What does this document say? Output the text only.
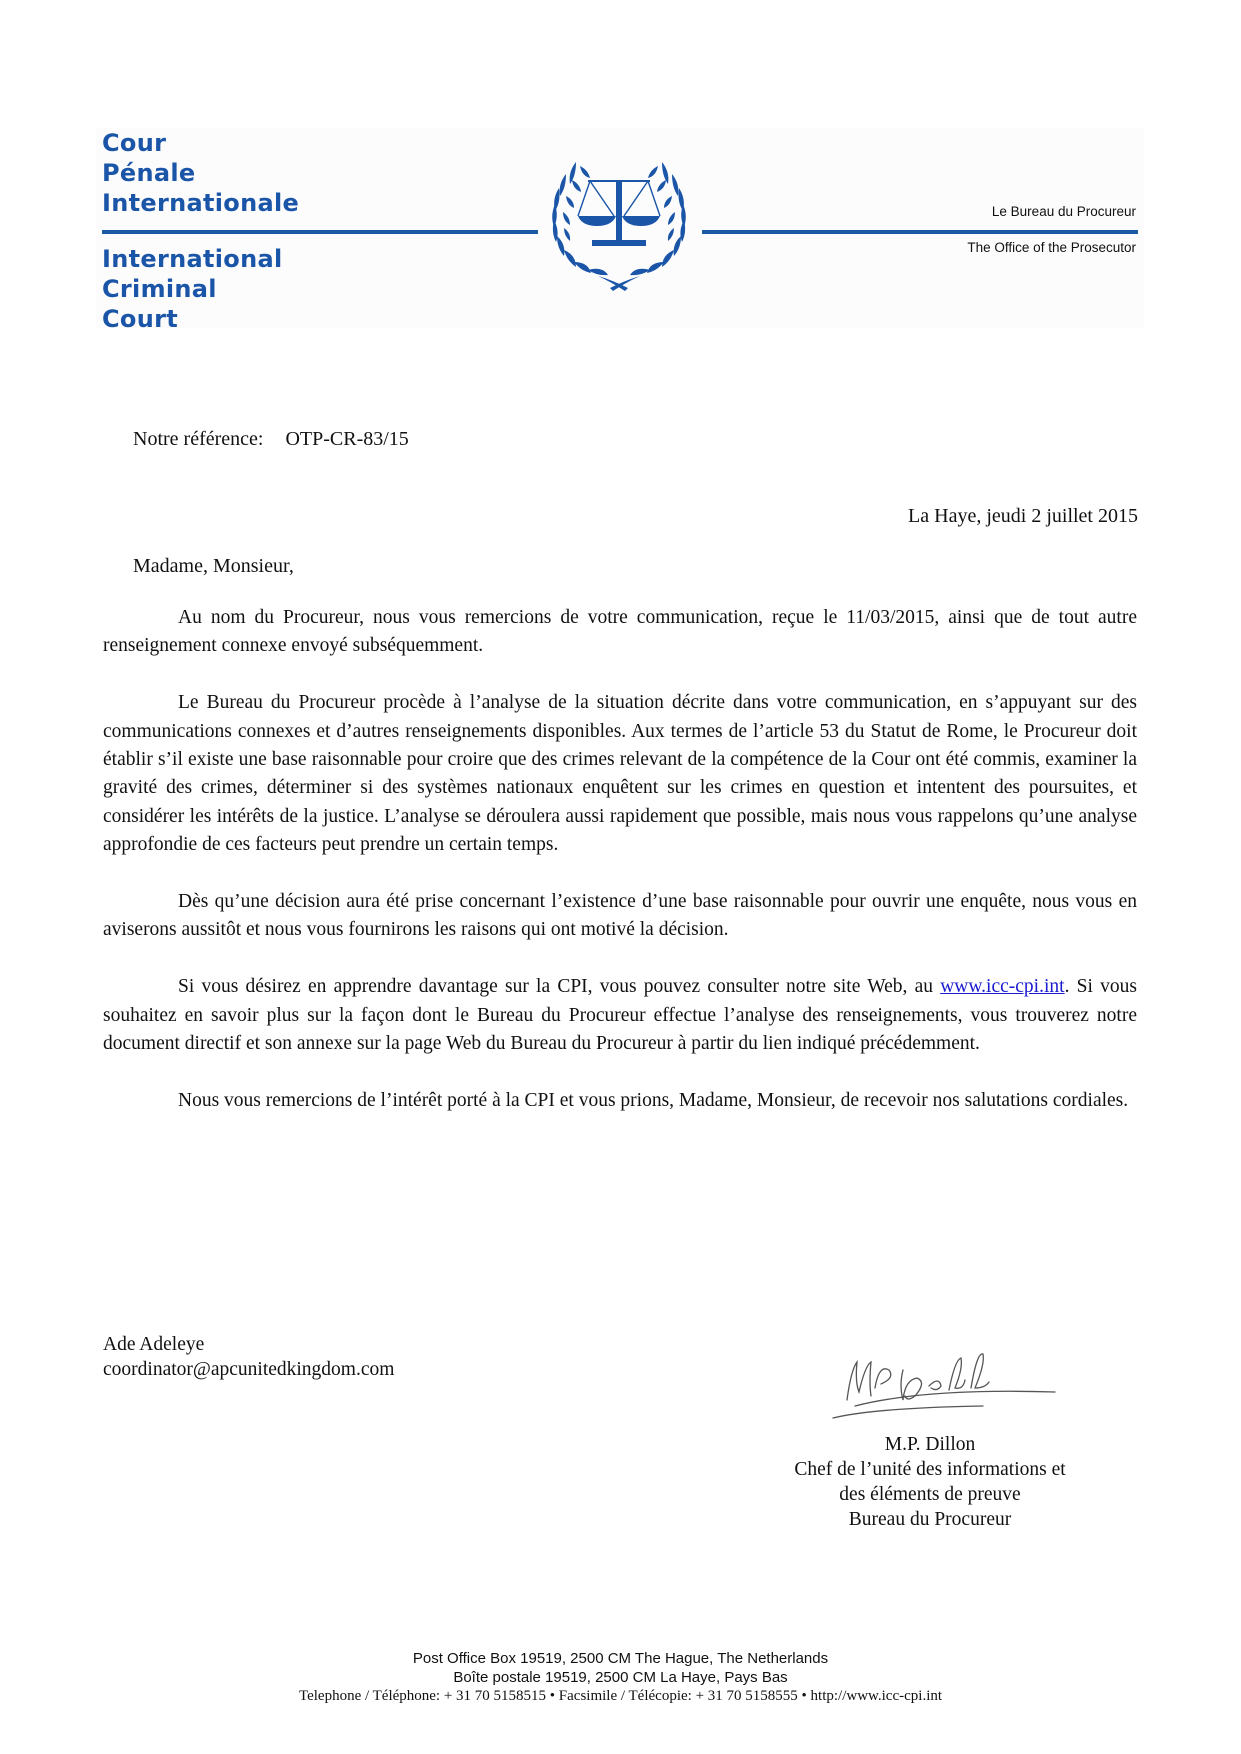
Cour
Pénale
Internationale
International
Criminal
Court
Le Bureau du Procureur
The Office of the Prosecutor
Notre référence: OTP-CR-83/15
La Haye, jeudi 2 juillet 2015
Madame, Monsieur,

Au nom du Procureur, nous vous remercions de votre communication, reçue le 11/03/2015, ainsi que de tout autre renseignement connexe envoyé subséquemment.

Le Bureau du Procureur procède à l’analyse de la situation décrite dans votre communication, en s’appuyant sur des communications connexes et d’autres renseignements disponibles. Aux termes de l’article 53 du Statut de Rome, le Procureur doit établir s’il existe une base raisonnable pour croire que des crimes relevant de la compétence de la Cour ont été commis, examiner la gravité des crimes, déterminer si des systèmes nationaux enquêtent sur les crimes en question et intentent des poursuites, et considérer les intérêts de la justice. L’analyse se déroulera aussi rapidement que possible, mais nous vous rappelons qu’une analyse approfondie de ces facteurs peut prendre un certain temps.

Dès qu’une décision aura été prise concernant l’existence d’une base raisonnable pour ouvrir une enquête, nous vous en aviserons aussitôt et nous vous fournirons les raisons qui ont motivé la décision.

Si vous désirez en apprendre davantage sur la CPI, vous pouvez consulter notre site Web, au www.icc-cpi.int. Si vous souhaitez en savoir plus sur la façon dont le Bureau du Procureur effectue l’analyse des renseignements, vous trouverez notre document directif et son annexe sur la page Web du Bureau du Procureur à partir du lien indiqué précédemment.

Nous vous remercions de l’intérêt porté à la CPI et vous prions, Madame, Monsieur, de recevoir nos salutations cordiales.

Ade Adeleye
coordinator@apcunitedkingdom.com
M.P. Dillon
Chef de l’unité des informations et
des éléments de preuve
Bureau du Procureur
Post Office Box 19519, 2500 CM The Hague, The Netherlands
Boîte postale 19519, 2500 CM La Haye, Pays Bas
Telephone / Téléphone: + 31 70 5158515 • Facsimile / Télécopie: + 31 70 5158555 • http://www.icc-cpi.int
